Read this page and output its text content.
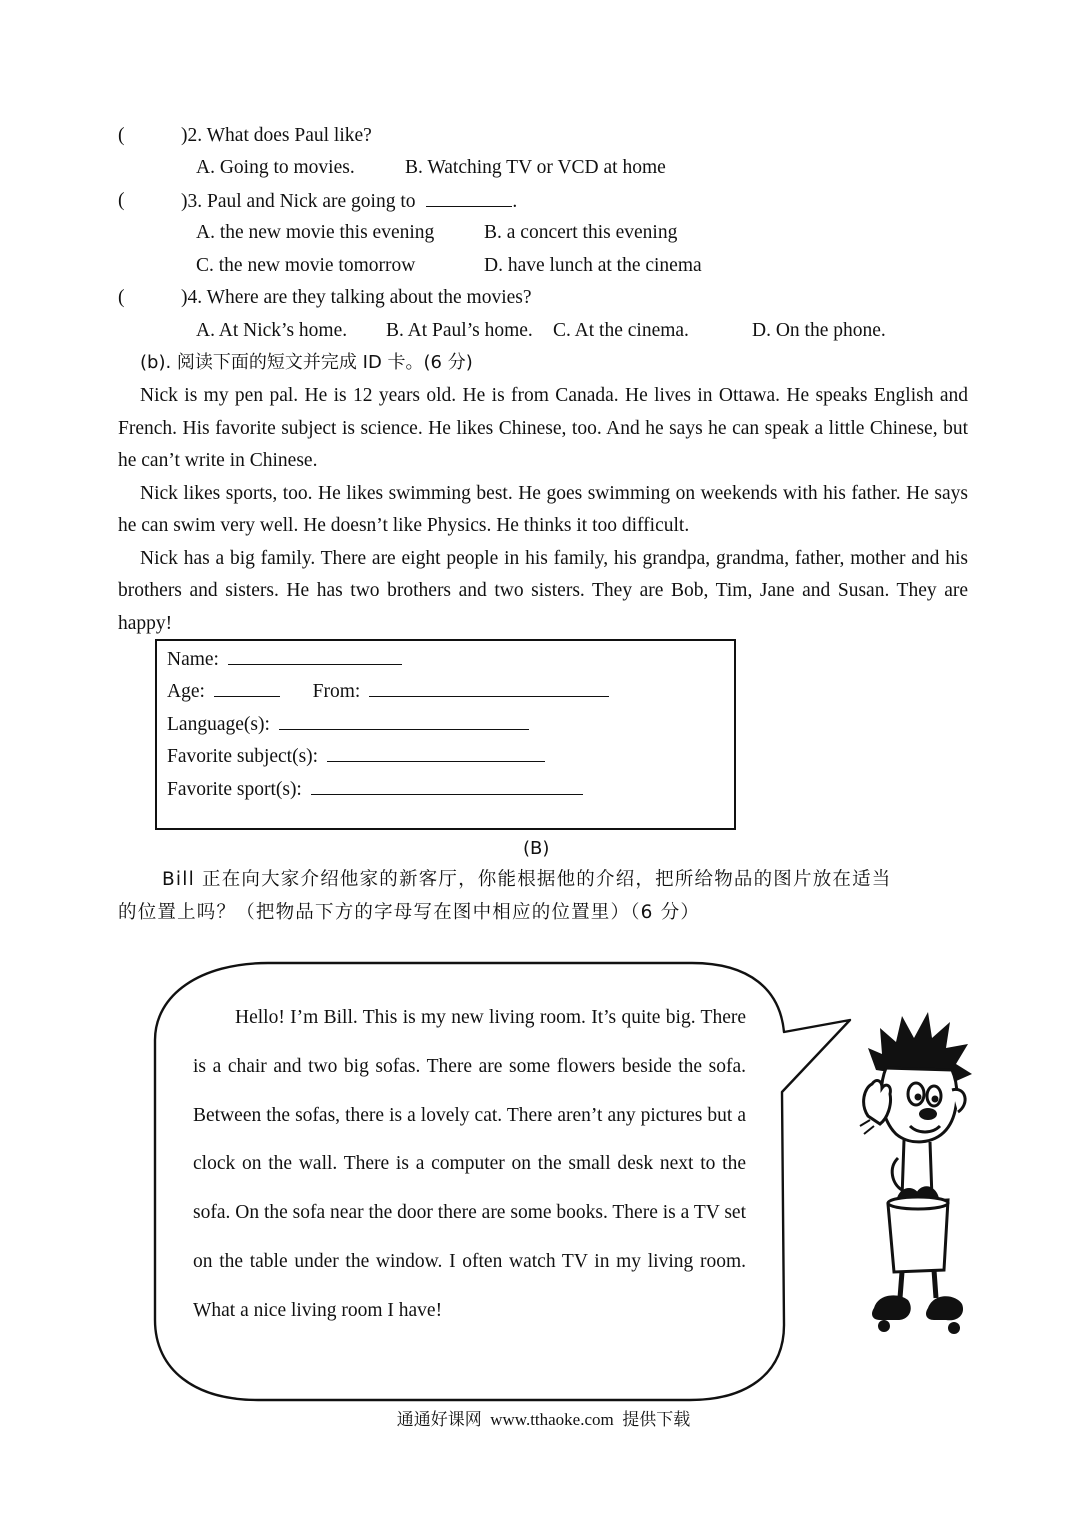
(	)2. What does Paul like?
A. Going to movies.	B. Watching TV or VCD at home
(	)3. Paul and Nick are going to	.
A. the new movie this evening	B. a concert this evening
C. the new movie tomorrow	D. have lunch at the cinema
(	)4. Where are they talking about the movies?
A. At Nick’s home. B. At Paul’s home. C. At the cinema.	D. On the phone.
(b). 阅读下面的短文并完成 ID 卡。(6 分)

Nick is my pen pal. He is 12 years old. He is from Canada. He lives in Ottawa. He speaks English and French. His favorite subject is science. He likes Chinese, too. And he says he can speak a little Chinese, but he can’t write in Chinese.

Nick likes sports, too. He likes swimming best. He goes swimming on weekends with his father. He says he can swim very well. He doesn’t like Physics. He thinks it too difficult.

Nick has a big family. There are eight people in his family, his grandpa, grandma, father, mother and his brothers and sisters. He has two brothers and two sisters. They are Bob, Tim, Jane and Susan. They are happy!

Name:
Age:	From:
Language(s):
Favorite subject(s):
Favorite sport(s):
(B)
Bill 正在向大家介绍他家的新客厅，你能根据他的介绍，把所给物品的图片放在适当
的位置上吗？（把物品下方的字母写在图中相应的位置里）（6 分）

Hello! I’m Bill. This is my new living room. It’s quite big. There is a chair and two big sofas. There are some flowers beside the sofa. Between the sofas, there is a lovely cat. There aren’t any pictures but a clock on the wall. There is a computer on the small desk next to the sofa. On the sofa near the door there are some books. There is a TV set on the table under the window. I often watch TV in my living room. What a nice living room I have!

通通好课网  www.tthaoke.com  提供下载
